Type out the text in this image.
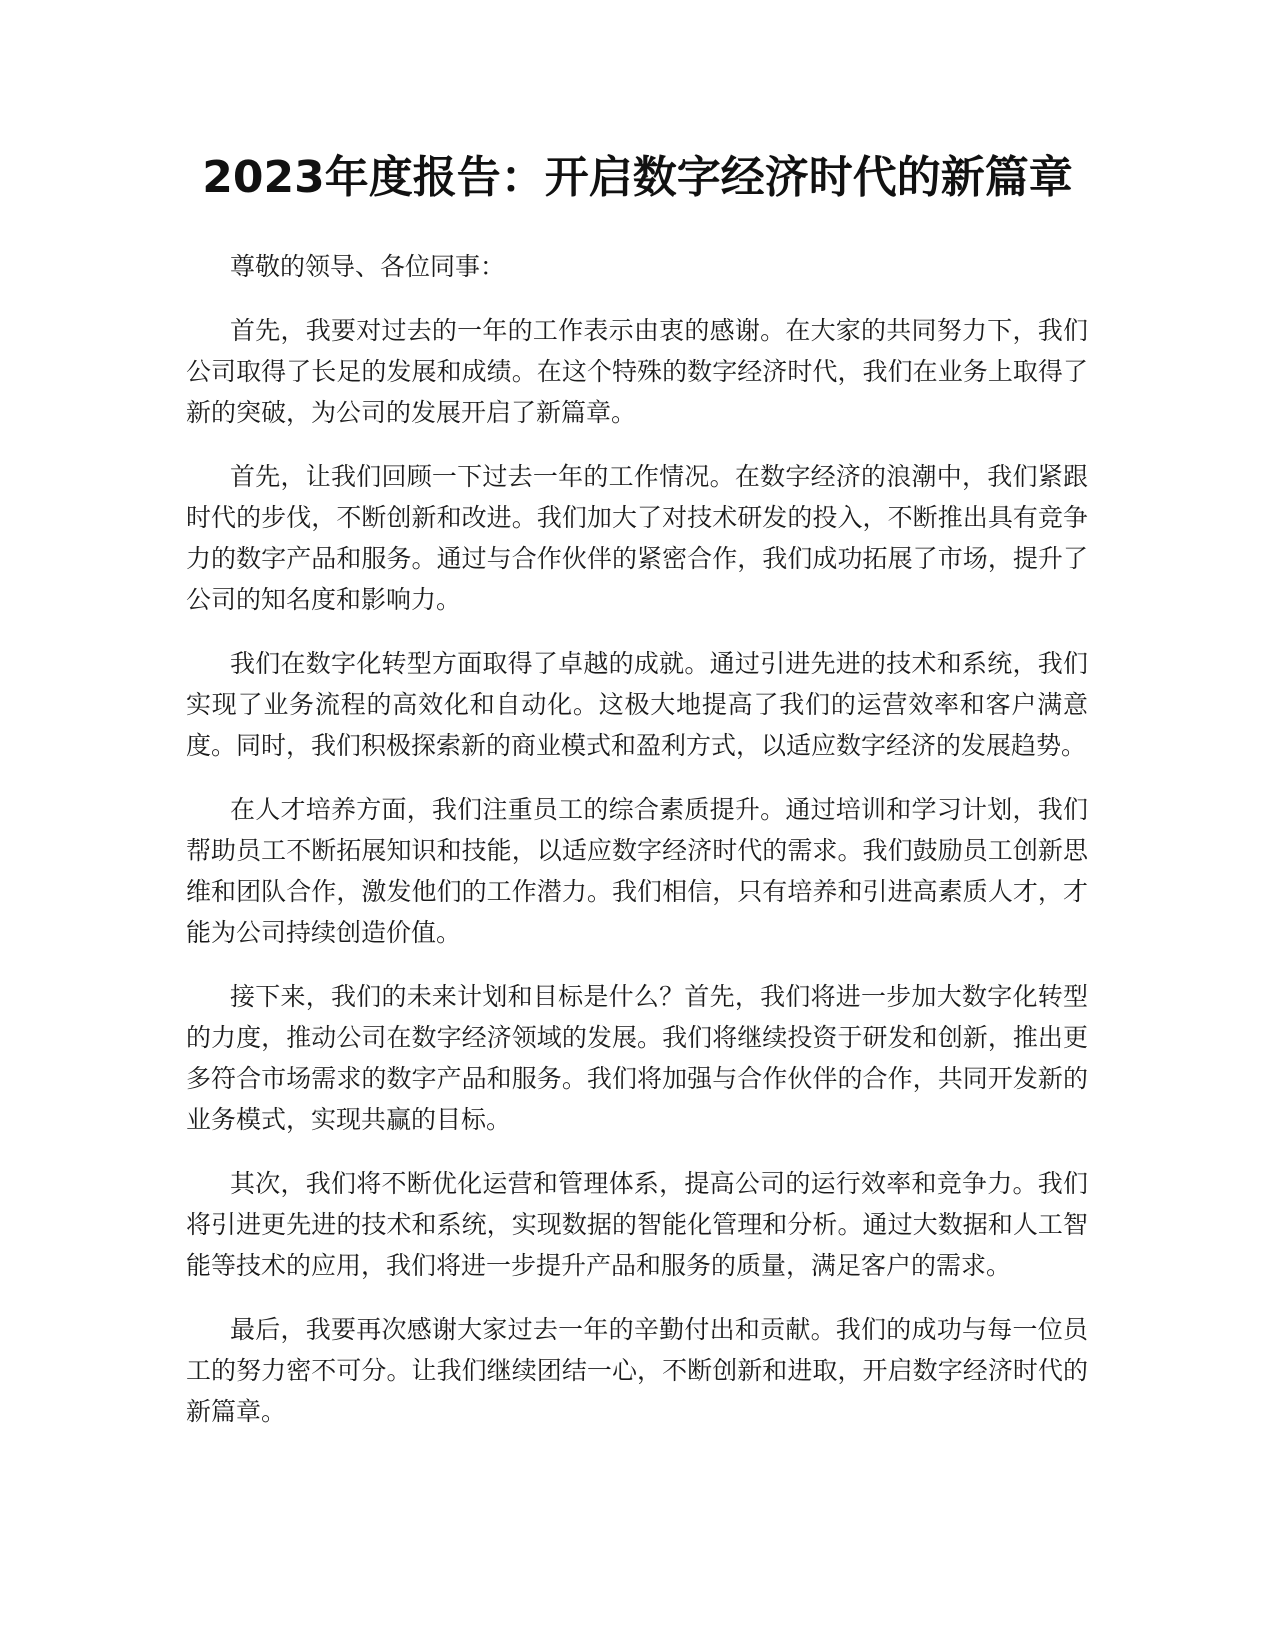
2023年度报告：开启数字经济时代的新篇章

尊敬的领导、各位同事：

首先，我要对过去的一年的工作表示由衷的感谢。在大家的共同努力下，我们公司取得了长足的发展和成绩。在这个特殊的数字经济时代，我们在业务上取得了新的突破，为公司的发展开启了新篇章。

首先，让我们回顾一下过去一年的工作情况。在数字经济的浪潮中，我们紧跟时代的步伐，不断创新和改进。我们加大了对技术研发的投入，不断推出具有竞争力的数字产品和服务。通过与合作伙伴的紧密合作，我们成功拓展了市场，提升了公司的知名度和影响力。

我们在数字化转型方面取得了卓越的成就。通过引进先进的技术和系统，我们实现了业务流程的高效化和自动化。这极大地提高了我们的运营效率和客户满意度。同时，我们积极探索新的商业模式和盈利方式，以适应数字经济的发展趋势。

在人才培养方面，我们注重员工的综合素质提升。通过培训和学习计划，我们帮助员工不断拓展知识和技能，以适应数字经济时代的需求。我们鼓励员工创新思维和团队合作，激发他们的工作潜力。我们相信，只有培养和引进高素质人才，才能为公司持续创造价值。

接下来，我们的未来计划和目标是什么？首先，我们将进一步加大数字化转型的力度，推动公司在数字经济领域的发展。我们将继续投资于研发和创新，推出更多符合市场需求的数字产品和服务。我们将加强与合作伙伴的合作，共同开发新的业务模式，实现共赢的目标。

其次，我们将不断优化运营和管理体系，提高公司的运行效率和竞争力。我们将引进更先进的技术和系统，实现数据的智能化管理和分析。通过大数据和人工智能等技术的应用，我们将进一步提升产品和服务的质量，满足客户的需求。

最后，我要再次感谢大家过去一年的辛勤付出和贡献。我们的成功与每一位员工的努力密不可分。让我们继续团结一心，不断创新和进取，开启数字经济时代的新篇章。
